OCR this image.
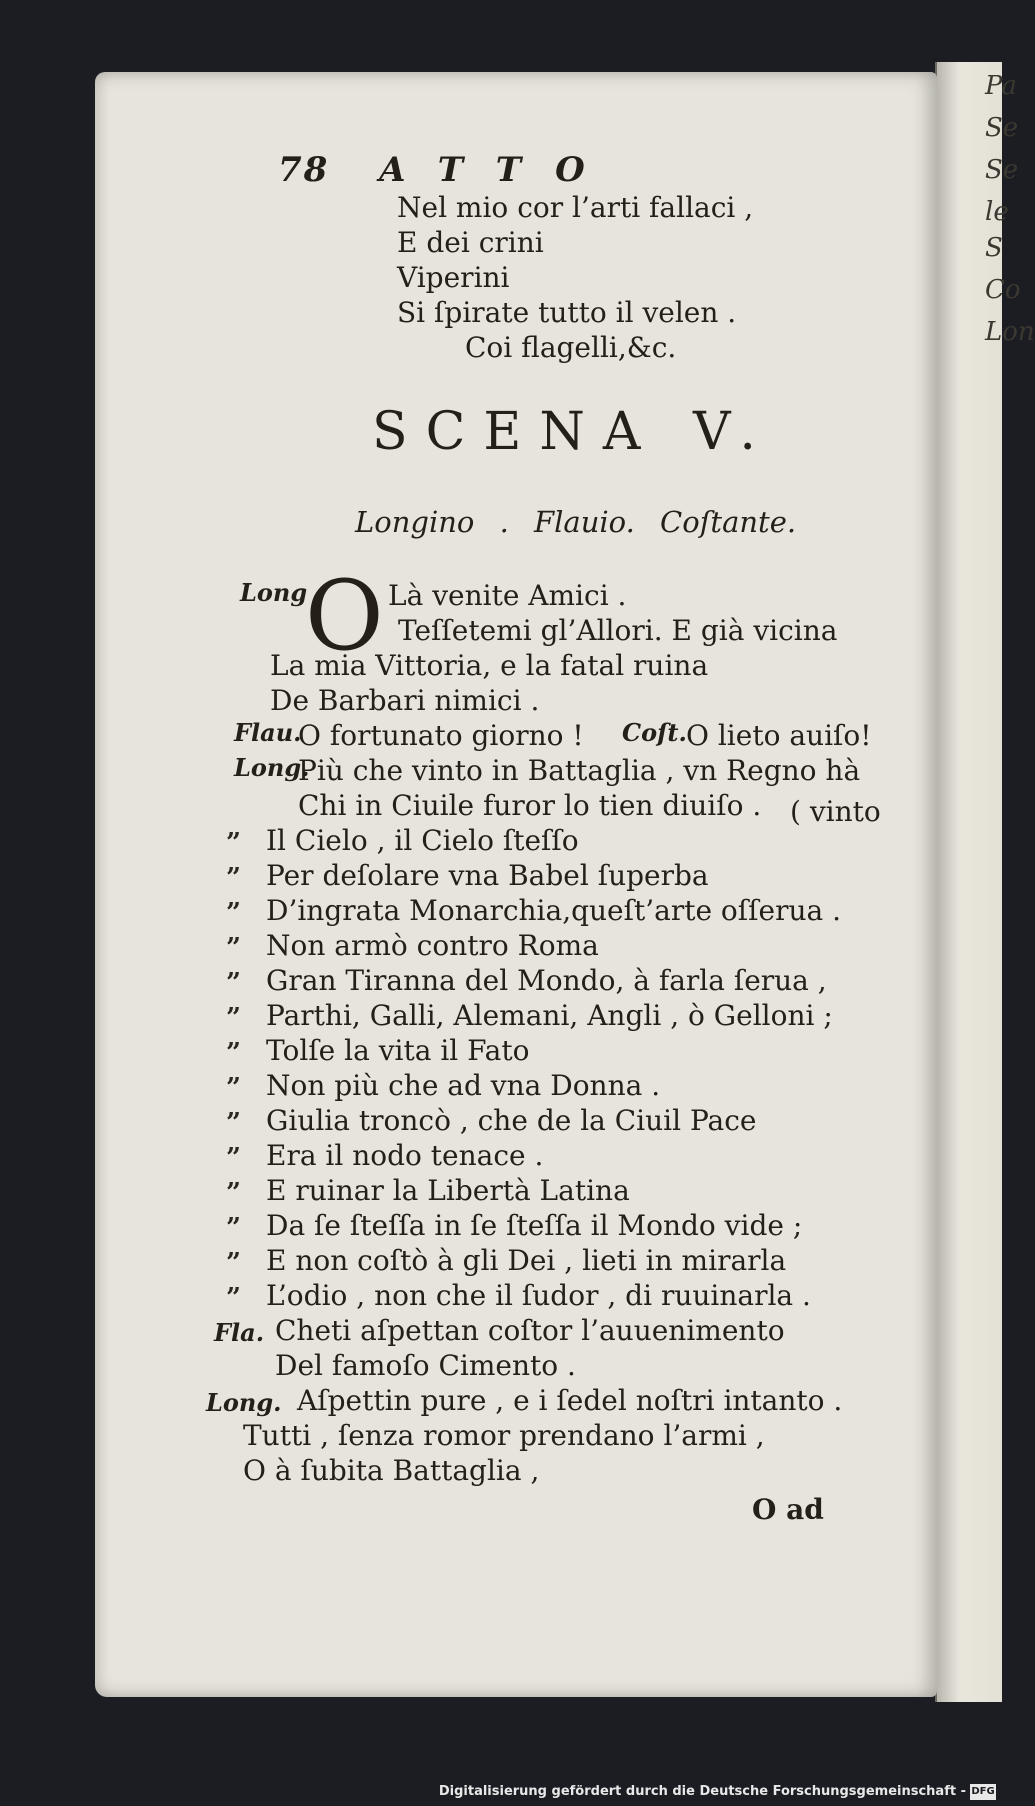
Pa
Se
Se
le S
Co
Lon
78 ATTO
Nel mio cor l’arti fallaci ,
E dei crini
Viperini
Si ſpirate tutto il velen .
Coi flagelli,&c.
SCENA V.
Longino . Flauio. Coſtante.
O
Long	Là venite Amici .
Teſſetemi gl’Allori. E già vicina
La mia Vittoria, e la fatal ruina
De Barbari nimici .
Flau.
O fortunato giorno ! Coſt. O lieto auiſo!
Long.
Più che vinto in Battaglia , vn Regno hà
Chi in Ciuile furor lo tien diuiſo . ( vinto
” Il Cielo , il Cielo ſteſſo
” Per deſolare vna Babel ſuperba
” D’ingrata Monarchia,queſt’arte oſſerua .
” Non armò contro Roma
” Gran Tiranna del Mondo, à farla ſerua ,
” Parthi, Galli, Alemani, Angli , ò Gelloni ;
” Tolſe la vita il Fato
” Non più che ad vna Donna .
” Giulia troncò , che de la Ciuil Pace
” Era il nodo tenace .
” E ruinar la Libertà Latina
” Da ſe ſteſſa in ſe ſteſſa il Mondo vide ;
” E non coſtò à gli Dei , lieti in mirarla
” L’odio , non che il ſudor , di ruuinarla .
Fla. Cheti aſpettan coſtor l’auuenimento
Del famoſo Cimento .
Long. Aſpettin pure , e i ſedel noſtri intanto .
Tutti , ſenza romor prendano l’armi ,
O à ſubita Battaglia ,
O ad
Digitalisierung gefördert durch die Deutsche Forschungsgemeinschaft - DFG
